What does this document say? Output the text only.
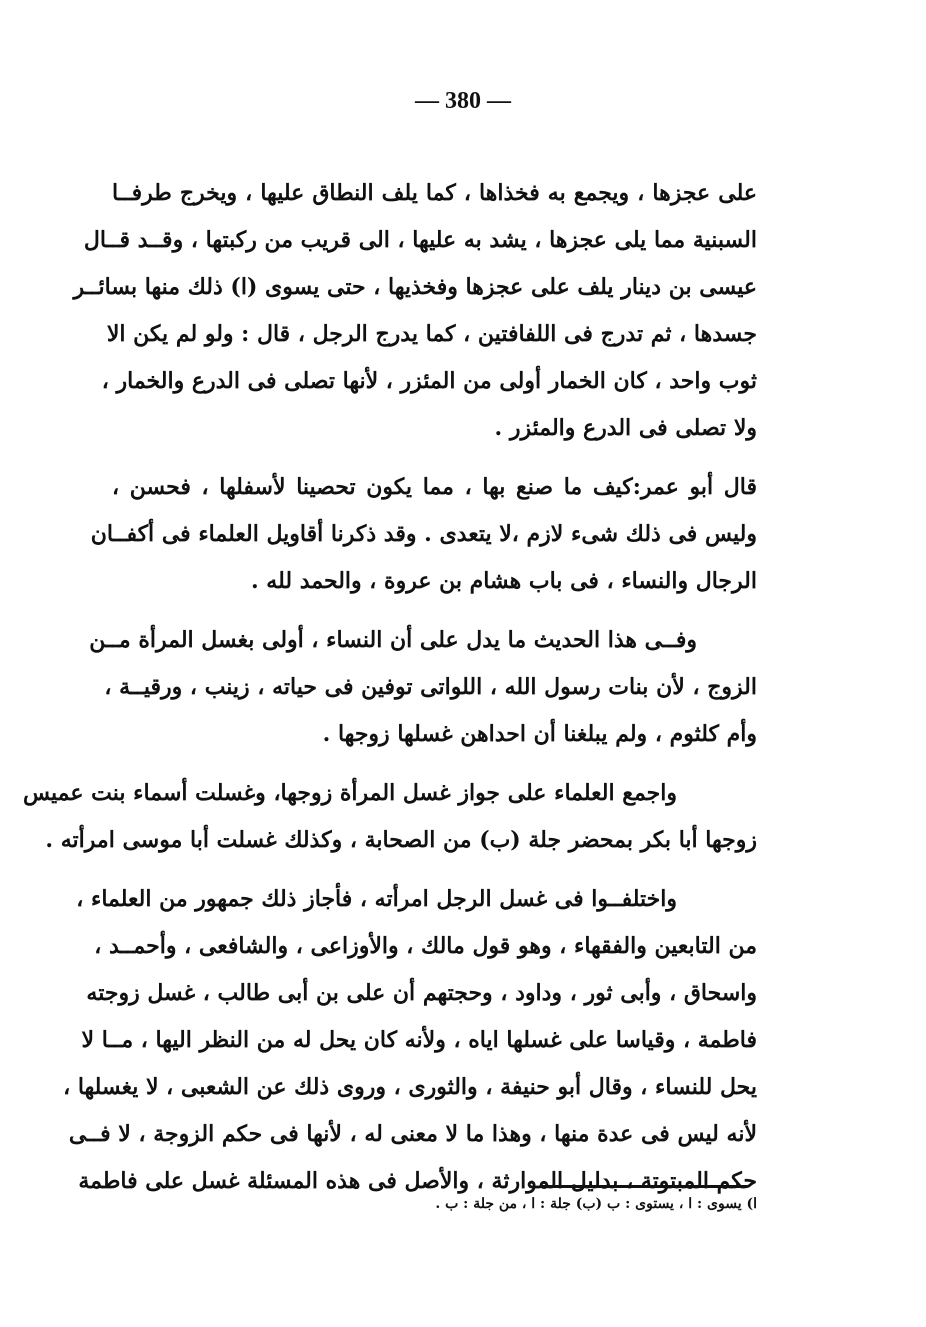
— 380 —
على عجزها ، ويجمع به فخذاها ، كما يلف النطاق عليها ، ويخرج طرفــا
السبنية مما يلى عجزها ، يشد به عليها ، الى قريب من ركبتها ، وقــد قــال
عيسى بن دينار يلف على عجزها وفخذيها ، حتى يسوى (ا) ذلك منها بسائــر
جسدها ، ثم تدرج فى اللفافتين ، كما يدرج الرجل ، قال : ولو لم يكن الا
ثوب واحد ، كان الخمار أولى من المئزر ، لأنها تصلى فى الدرع والخمار ،
ولا تصلى فى الدرع والمئزر .
قال أبو عمر:كيف ما صنع بها ، مما يكون تحصينا لأسفلها ، فحسن ،
وليس فى ذلك شىء لازم ،لا يتعدى . وقد ذكرنا أقاويل العلماء فى أكفــان
الرجال والنساء ، فى باب هشام بن عروة ، والحمد لله .
وفــى هذا الحديث ما يدل على أن النساء ، أولى بغسل المرأة مــن
الزوج ، لأن بنات رسول الله ، اللواتى توفين فى حياته ، زينب ، ورقيــة ،
وأم كلثوم ، ولم يبلغنا أن احداهن غسلها زوجها .
واجمع العلماء على جواز غسل المرأة زوجها، وغسلت أسماء بنت عميس
زوجها أبا بكر بمحضر جلة (ب) من الصحابة ، وكذلك غسلت أبا موسى امرأته .
واختلفــوا فى غسل الرجل امرأته ، فأجاز ذلك جمهور من العلماء ،
من التابعين والفقهاء ، وهو قول مالك ، والأوزاعى ، والشافعى ، وأحمــد ،
واسحاق ، وأبى ثور ، وداود ، وحجتهم أن على بن أبى طالب ، غسل زوجته
فاطمة ، وقياسا على غسلها اياه ، ولأنه كان يحل له من النظر اليها ، مــا لا
يحل للنساء ، وقال أبو حنيفة ، والثورى ، وروى ذلك عن الشعبى ، لا يغسلها ،
لأنه ليس فى عدة منها ، وهذا ما لا معنى له ، لأنها فى حكم الزوجة ، لا فــى
حكم المبتوتة ، بدليل الموارثة ، والأصل فى هذه المسئلة غسل على فاطمة
ا) يسوى : ا ، يستوى : ب (ب) جلة : ا ، من جلة : ب .
